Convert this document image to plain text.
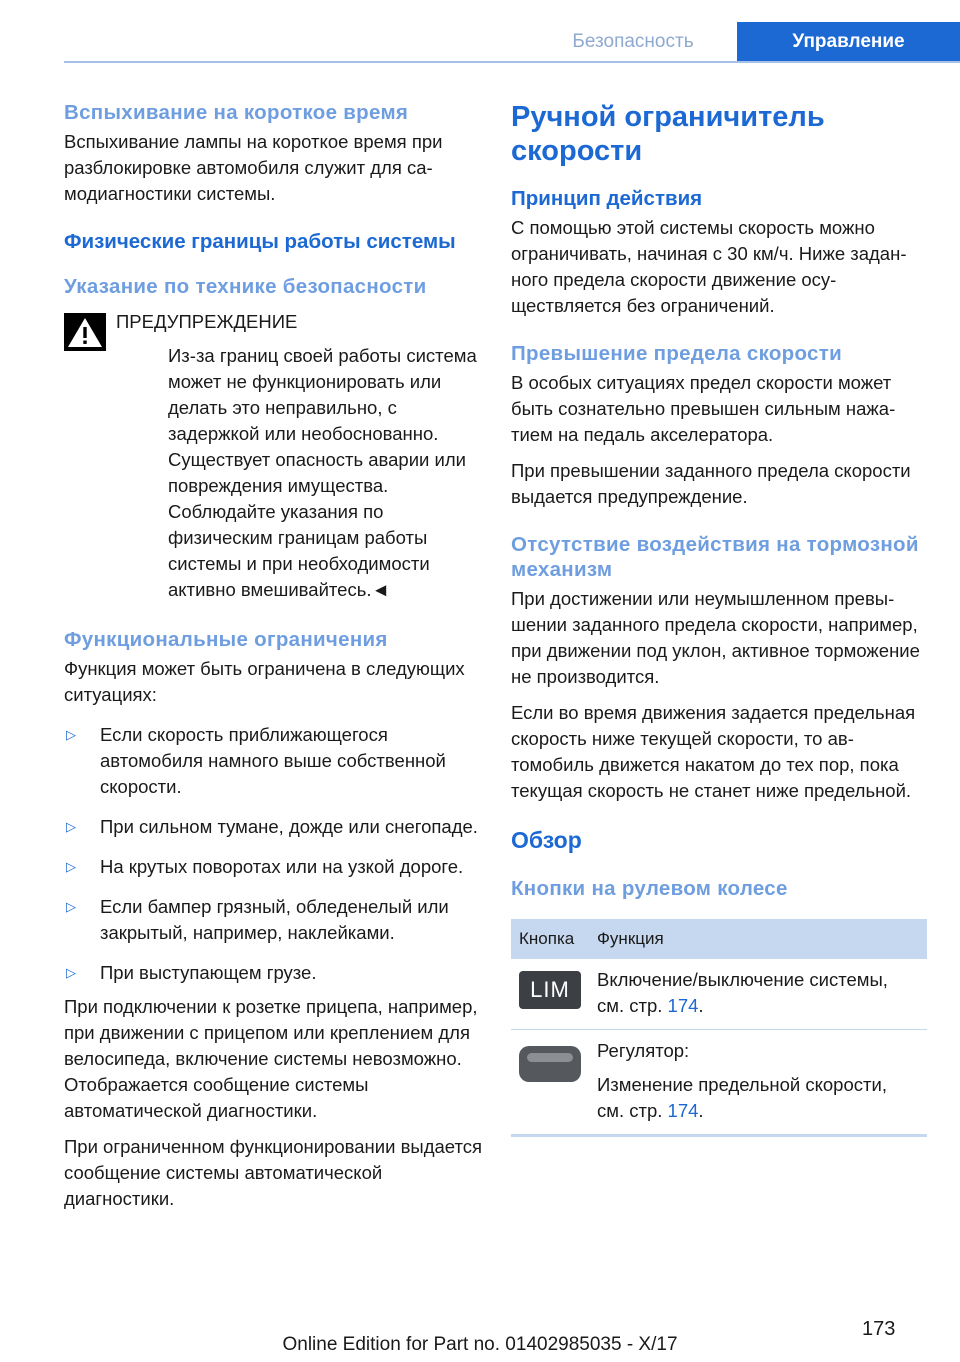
Безопасность	Управление
Вспыхивание на короткое время

Вспыхивание лампы на короткое время при разблокировке автомобиля служит для самодиагностики системы.

Физические границы работы системы
Указание по технике безопасности
ПРЕДУПРЕЖДЕНИЕ
Из-за границ своей работы система может не функционировать или делать это неправильно, с задержкой или необоснованно. Существует опасность аварии или повреждения имущества. Соблюдайте указания по физическим границам работы системы и при необходимости активно вмешивайтесь.◄
Функциональные ограничения

Функция может быть ограничена в следующих ситуациях:

▷ Если скорость приближающегося автомобиля намного выше собственной скорости.
▷ При сильном тумане, дожде или снегопаде.
▷ На крутых поворотах или на узкой дороге.
▷ Если бампер грязный, обледенелый или закрытый, например, наклейками.
▷ При выступающем грузе.

При подключении к розетке прицепа, например, при движении с прицепом или креплением для велосипеда, включение системы невозможно. Отображается сообщение системы автоматической диагностики.

При ограниченном функционировании выдается сообщение системы автоматической диагностики.

Ручной ограничитель скорости
Принцип действия

С помощью этой системы скорость можно ограничивать, начиная с 30 км/ч. Ниже заданного предела скорости движение осуществляется без ограничений.

Превышение предела скорости

В особых ситуациях предел скорости может быть сознательно превышен сильным нажатием на педаль акселератора.

При превышении заданного предела скорости выдается предупреждение.

Отсутствие воздействия на тормозной механизм

При достижении или неумышленном превышении заданного предела скорости, например, при движении под уклон, активное торможение не производится.

Если во время движения задается предельная скорость ниже текущей скорости, то автомобиль движется накатом до тех пор, пока текущая скорость не станет ниже предельной.

Обзор
Кнопки на рулевом колесе
Кнопка	Функция

LIM	Включение/выключение системы, см. стр. 174.

	Регулятор:
Изменение предельной скорости, см. стр. 174.
173
Online Edition for Part no. 01402985035 - X/17
